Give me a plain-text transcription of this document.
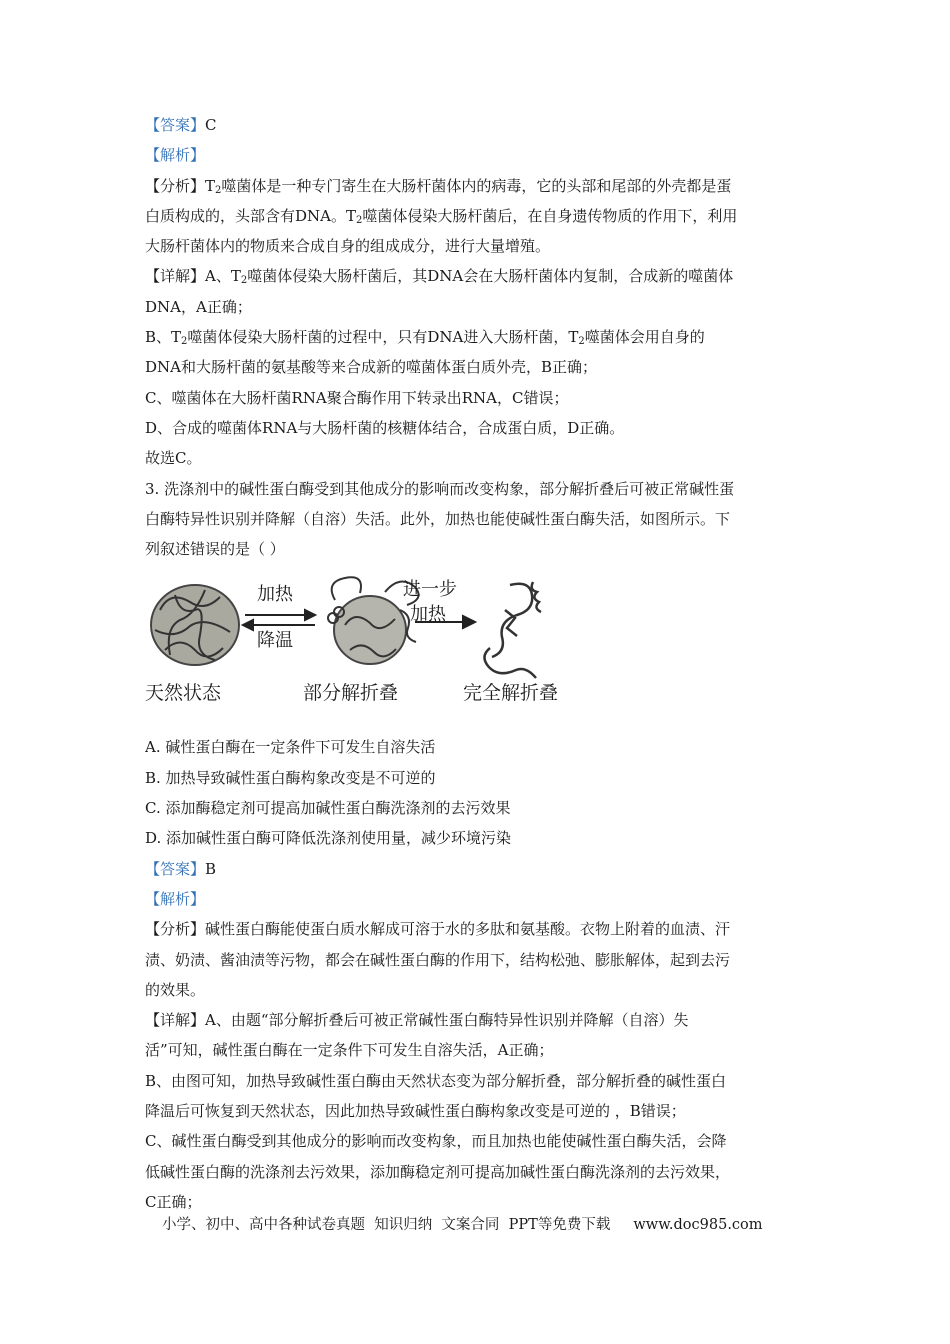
【答案】C
【解析】
【分析】$T_2$噬菌体是一种专门寄生在大肠杆菌体内的病毒，它的头部和尾部的外壳都是蛋
白质构成的，头部含有DNA。$T_2$噬菌体侵染大肠杆菌后，在自身遗传物质的作用下，利用
大肠杆菌体内的物质来合成自身的组成成分，进行大量增殖。
【详解】A、$T_2$噬菌体侵染大肠杆菌后，其DNA会在大肠杆菌体内复制，合成新的噬菌体
DNA，A正确；
B、$T_2$噬菌体侵染大肠杆菌的过程中，只有DNA进入大肠杆菌，$T_2$噬菌体会用自身的
DNA和大肠杆菌的氨基酸等来合成新的噬菌体蛋白质外壳，B正确；
C、噬菌体在大肠杆菌RNA聚合酶作用下转录出RNA，C错误；
D、合成的噬菌体RNA与大肠杆菌的核糖体结合，合成蛋白质，D正确。
故选C。
3. 洗涤剂中的碱性蛋白酶受到其他成分的影响而改变构象，部分解折叠后可被正常碱性蛋
白酶特异性识别并降解（自溶）失活。此外，加热也能使碱性蛋白酶失活，如图所示。下
列叙述错误的是（ ）
加热
降温
进一步
加热
天然状态	部分解折叠	完全解折叠
A. 碱性蛋白酶在一定条件下可发生自溶失活
B. 加热导致碱性蛋白酶构象改变是不可逆的
C. 添加酶稳定剂可提高加碱性蛋白酶洗涤剂的去污效果
D. 添加碱性蛋白酶可降低洗涤剂使用量，减少环境污染
【答案】B
【解析】
【分析】碱性蛋白酶能使蛋白质水解成可溶于水的多肽和氨基酸。衣物上附着的血渍、汗
渍、奶渍、酱油渍等污物，都会在碱性蛋白酶的作用下，结构松弛、膨胀解体，起到去污
的效果。
【详解】A、由题“部分解折叠后可被正常碱性蛋白酶特异性识别并降解（自溶）失
活”可知，碱性蛋白酶在一定条件下可发生自溶失活，A正确；
B、由图可知，加热导致碱性蛋白酶由天然状态变为部分解折叠，部分解折叠的碱性蛋白
降温后可恢复到天然状态，因此加热导致碱性蛋白酶构象改变是可逆的 ，B错误；
C、碱性蛋白酶受到其他成分的影响而改变构象，而且加热也能使碱性蛋白酶失活，会降
低碱性蛋白酶的洗涤剂去污效果，添加酶稳定剂可提高加碱性蛋白酶洗涤剂的去污效果，
C正确；
小学、初中、高中各种试卷真题  知识归纳  文案合同  PPT等免费下载     www.doc985.com
